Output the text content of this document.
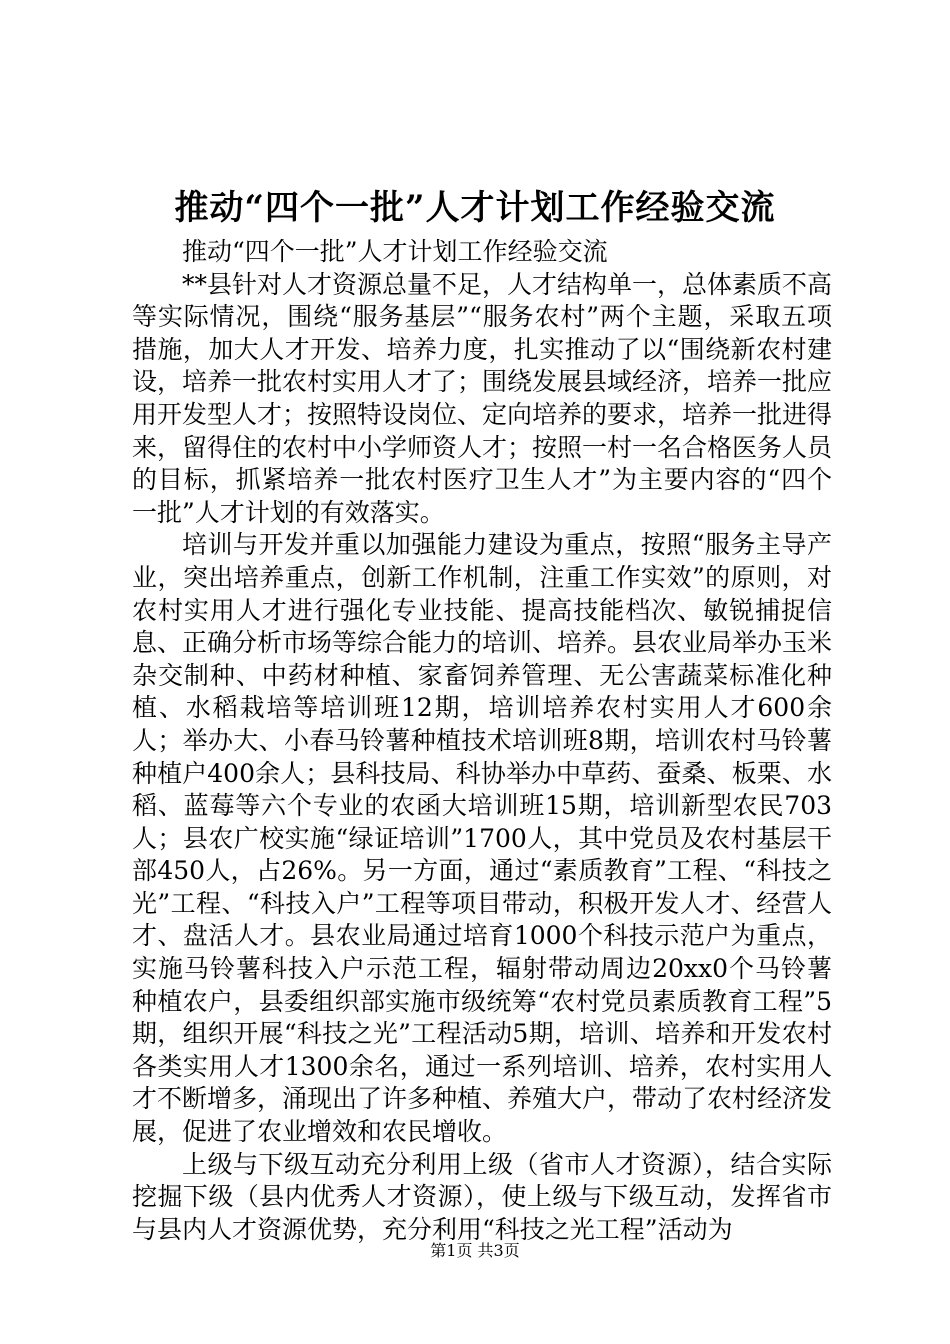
推动“四个一批”人才计划工作经验交流

推动“四个一批”人才计划工作经验交流

**县针对人才资源总量不足，人才结构单一，总体素质不高等实际情况，围绕“服务基层”“服务农村”两个主题，采取五项措施，加大人才开发、培养力度，扎实推动了以“围绕新农村建设，培养一批农村实用人才了；围绕发展县域经济，培养一批应用开发型人才；按照特设岗位、定向培养的要求，培养一批进得来，留得住的农村中小学师资人才；按照一村一名合格医务人员的目标，抓紧培养一批农村医疗卫生人才”为主要内容的“四个一批”人才计划的有效落实。

培训与开发并重以加强能力建设为重点，按照“服务主导产业，突出培养重点，创新工作机制，注重工作实效”的原则，对农村实用人才进行强化专业技能、提高技能档次、敏锐捕捉信息、正确分析市场等综合能力的培训、培养。县农业局举办玉米杂交制种、中药材种植、家畜饲养管理、无公害蔬菜标准化种植、水稻栽培等培训班12期，培训培养农村实用人才600余人；举办大、小春马铃薯种植技术培训班8期，培训农村马铃薯种植户400余人；县科技局、科协举办中草药、蚕桑、板栗、水稻、蓝莓等六个专业的农函大培训班15期，培训新型农民703人；县农广校实施“绿证培训”1700人，其中党员及农村基层干部450人，占26%。另一方面，通过“素质教育”工程、“科技之光”工程、“科技入户”工程等项目带动，积极开发人才、经营人才、盘活人才。县农业局通过培育1000个科技示范户为重点，实施马铃薯科技入户示范工程，辐射带动周边20xx0个马铃薯种植农户，县委组织部实施市级统筹“农村党员素质教育工程”5期，组织开展“科技之光”工程活动5期，培训、培养和开发农村各类实用人才1300余名，通过一系列培训、培养，农村实用人才不断增多，涌现出了许多种植、养殖大户，带动了农村经济发展，促进了农业增效和农民增收。

上级与下级互动充分利用上级（省市人才资源），结合实际挖掘下级（县内优秀人才资源），使上级与下级互动，发挥省市与县内人才资源优势，充分利用“科技之光工程”活动为

第1页 共3页
